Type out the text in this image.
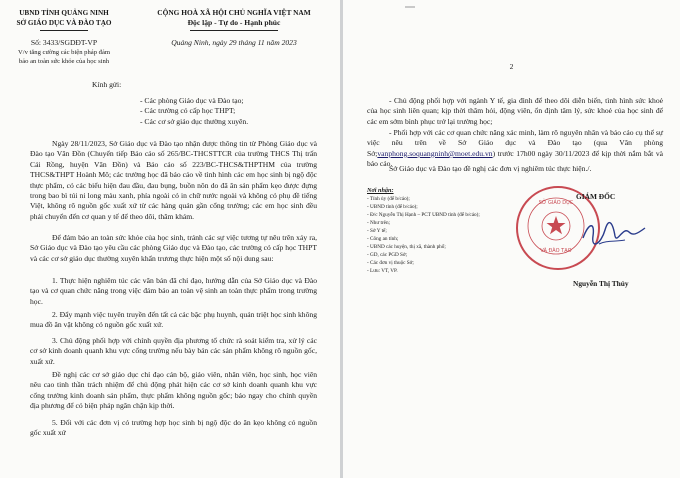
UBND TỈNH QUẢNG NINH
SỞ GIÁO DỤC VÀ ĐÀO TẠO
CỘNG HOÀ XÃ HỘI CHỦ NGHĨA VIỆT NAM
Độc lập - Tự do - Hạnh phúc
Số: 3433/SGDĐT-VP
V/v tăng cường các biện pháp đảm
bảo an toàn sức khỏe của học sinh
Quảng Ninh, ngày 29 tháng 11 năm 2023
Kính gửi:
- Các phòng Giáo dục và Đào tạo;
- Các trường có cấp học THPT;
- Các cơ sở giáo dục thường xuyên.
Ngày 28/11/2023, Sở Giáo dục và Đào tạo nhận được thông tin từ Phòng Giáo dục và Đào tạo Vân Đồn (Chuyển tiếp Báo cáo số 265/BC-THCSTTCR của trường THCS Thị trấn Cái Rồng, huyện Vân Đồn) và Báo cáo số 223/BC-THCS&THPTHM của trường THCS&THPT Hoành Mô; các trường học đã báo cáo về tình hình các em học sinh bị ngộ độc thực phẩm, có các biểu hiện đau đầu, đau bụng, buồn nôn do đã ăn sản phẩm kẹo được đựng trong bao bì túi ni long màu xanh, phía ngoài có in chữ nước ngoài và không có phụ đề tiếng Việt, không rõ nguồn gốc xuất xứ từ các hàng quán gần cổng trường; các em học sinh đều phải chuyển đến cơ quan y tế để theo dõi, thăm khám.
Để đảm bảo an toàn sức khỏe của học sinh, tránh các sự việc tương tự nêu trên xảy ra, Sở Giáo dục và Đào tạo yêu cầu các phòng Giáo dục và Đào tạo, các trường có cấp học THPT và các cơ sở giáo dục thường xuyên khẩn trương thực hiện một số nội dung sau:
1. Thực hiện nghiêm túc các văn bản đã chỉ đạo, hướng dẫn của Sở Giáo dục và Đào tạo và cơ quan chức năng trong việc đảm bảo an toàn vệ sinh an toàn thực phẩm trong trường học.
2. Đẩy mạnh việc tuyên truyền đến tất cả các bậc phụ huynh, quán triệt học sinh không mua đồ ăn vặt không có nguồn gốc xuất xứ.
3. Chủ động phối hợp với chính quyền địa phương tổ chức rà soát kiểm tra, xử lý các cơ sở kinh doanh quanh khu vực cổng trường nếu bày bán các sản phẩm không rõ nguồn gốc, xuất xứ.
Đề nghị các cơ sở giáo dục chỉ đạo cán bộ, giáo viên, nhân viên, học sinh, học viên nêu cao tinh thần trách nhiệm để chủ động phát hiện các cơ sở kinh doanh quanh khu vực cổng trường kinh doanh sản phẩm, thực phẩm không nguồn gốc; báo ngay cho chính quyền địa phương để có biện pháp ngăn chặn kịp thời.
5. Đối với các đơn vị có trường hợp học sinh bị ngộ độc do ăn kẹo không có nguồn gốc xuất xứ
2
- Chủ động phối hợp với ngành Y tế, gia đình để theo dõi diễn biến, tình hình sức khoẻ của học sinh liên quan; kịp thời thăm hỏi, động viên, ổn định tâm lý, sức khoẻ của học sinh để các em sớm bình phục trở lại trường học;
- Phối hợp với các cơ quan chức năng xác minh, làm rõ nguyên nhân và báo cáo cụ thể sự việc nêu trên về Sở Giáo dục và Đào tạo (qua Văn phòng Sở;vanphong.soquangninh@moet.edu.vn) trước 17h00 ngày 30/11/2023 để kịp thời nắm bắt và báo cáo.
Sở Giáo dục và Đào tạo đề nghị các đơn vị nghiêm túc thực hiện./.
Nơi nhận:
- Tỉnh ủy (để b/cáo);
- UBND tỉnh (để b/cáo);
- Đ/c Nguyễn Thị Hạnh – PCT UBND tỉnh (để b/cáo);
- Như trên;
- Sở Y tế;
- Công an tỉnh;
- UBND các huyện, thị xã, thành phố;
- GD, các PGD Sở;
- Các đơn vị thuộc Sở;
- Lưu: VT, VP.
SỞ GIÁO DỤC
VÀ ĐÀO TẠO
GIÁM ĐỐC
Nguyễn Thị Thúy
